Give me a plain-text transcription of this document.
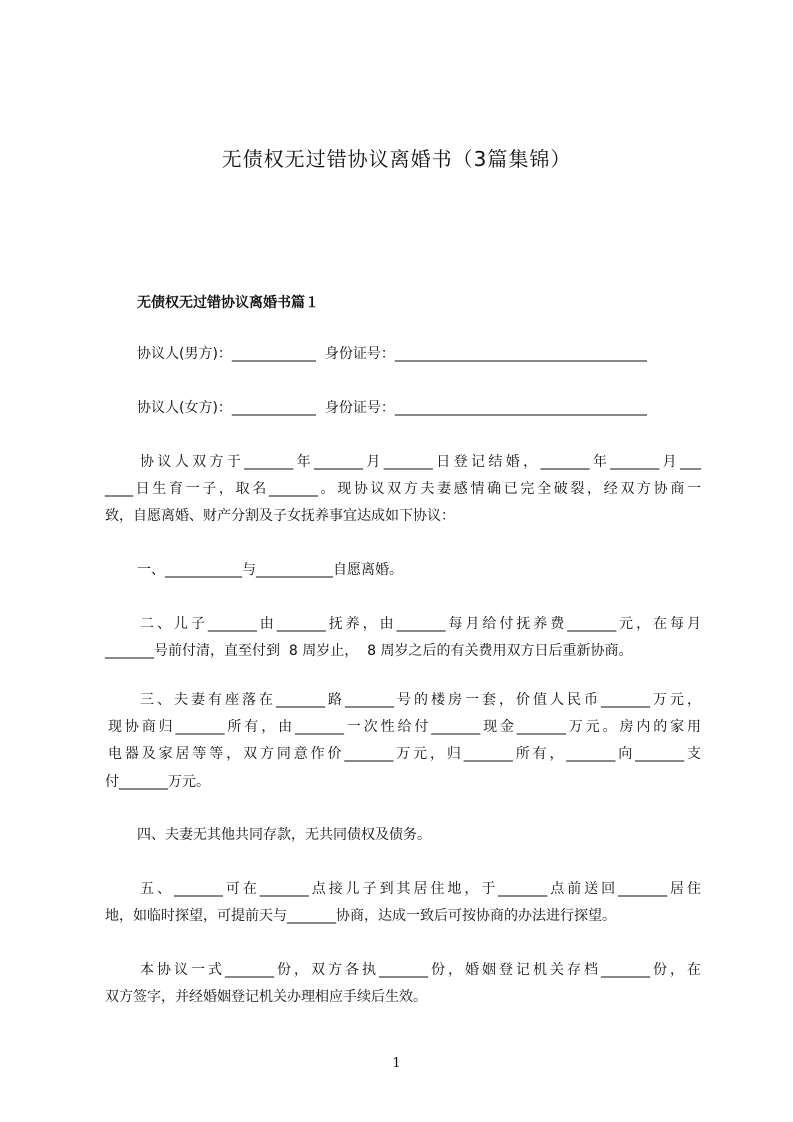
无债权无过错协议离婚书（3篇集锦）
无债权无过错协议离婚书篇１
协议人(男方)：____________  身份证号：____________________________________
协议人(女方)：____________  身份证号：____________________________________
协议人双方于_______年_______月_______日登记结婚，_______年_______月___
____日生育一子，取名_______。现协议双方夫妻感情确已完全破裂，经双方协商一
致，自愿离婚、财产分割及子女抚养事宜达成如下协议：
一、___________与___________自愿离婚。
二、儿子_______由_______抚养，由_______每月给付抚养费_______元，在每月
_______号前付清，直至付到  8 周岁止，  8 周岁之后的有关费用双方日后重新协商。
三、夫妻有座落在_______路_______号的楼房一套，价值人民币_______万元，
现协商归_______所有，由_______一次性给付_______现金_______万元。房内的家用
电器及家居等等，双方同意作价_______万元，归_______所有，_______向_______支
付_______万元。
四、夫妻无其他共同存款，无共同债权及债务。
五、_______可在_______点接儿子到其居住地，于_______点前送回_______居住
地，如临时探望，可提前天与_______协商，达成一致后可按协商的办法进行探望。
本协议一式_______份，双方各执_______份，婚姻登记机关存档_______份，在
双方签字，并经婚姻登记机关办理相应手续后生效。
1
